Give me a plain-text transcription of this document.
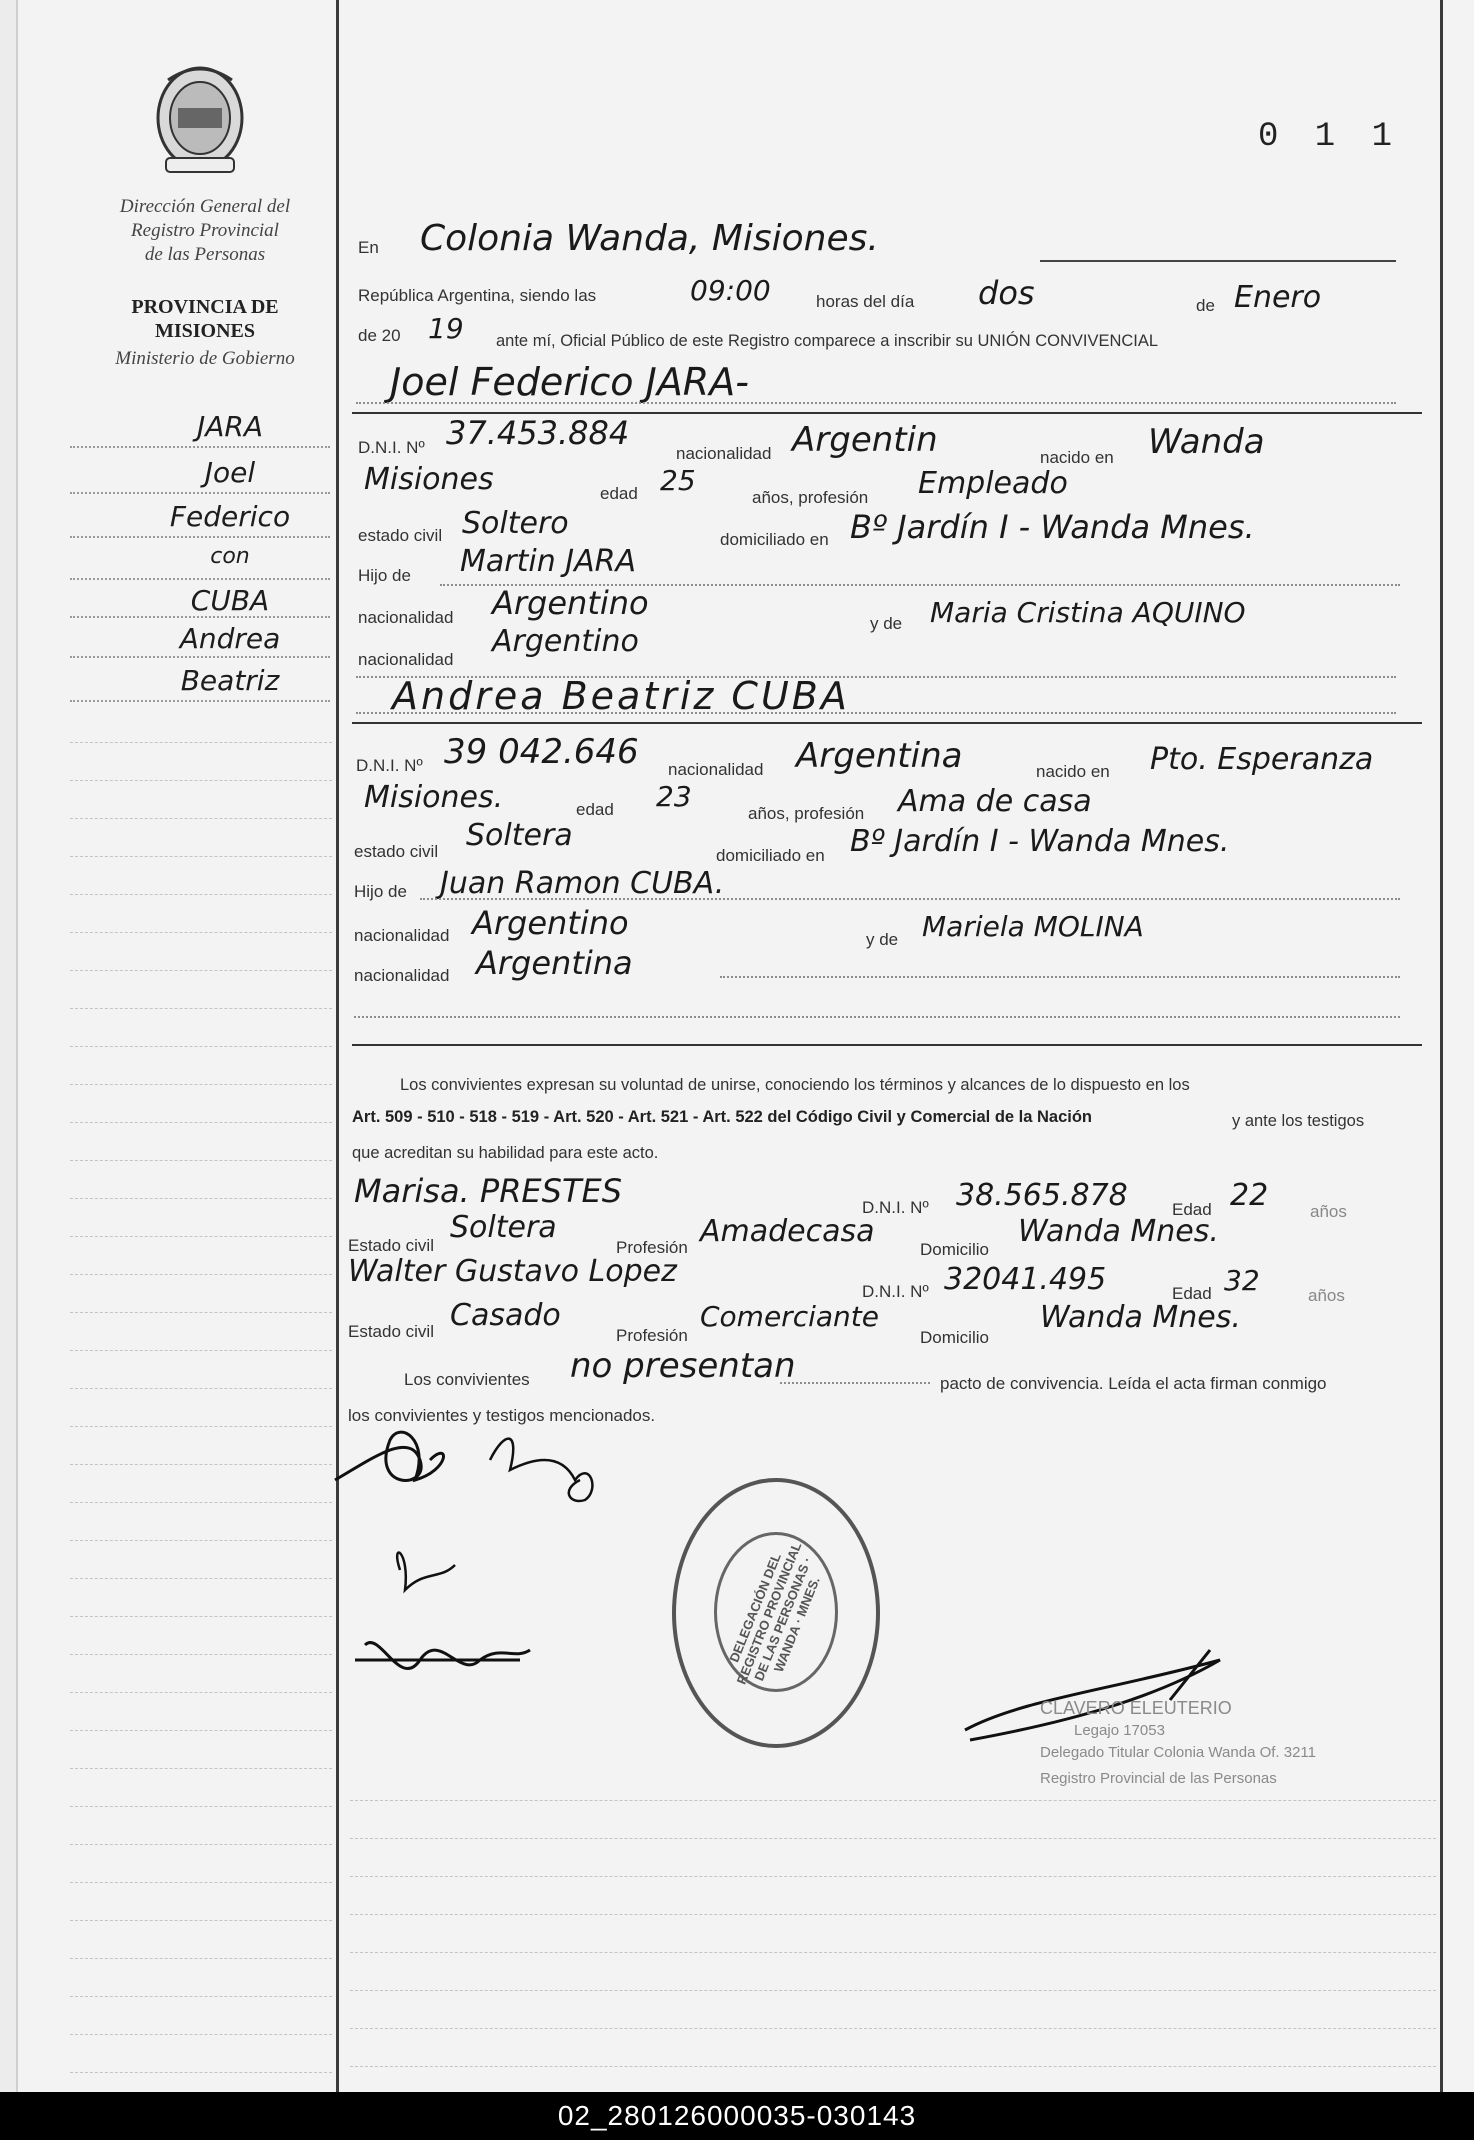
Dirección General del
Registro Provincial
de las Personas
PROVINCIA DE
MISIONES
Ministerio de Gobierno
JARA
Joel
Federico
con
CUBA
Andrea
Beatriz
0 1 1
En Colonia Wanda, Misiones.
República Argentina, siendo las	09:00	horas del día dos	de Enero
de 20 19 ante mí, Oficial Público de este Registro comparece a inscribir su UNIÓN CONVIVENCIAL
Joel Federico JARA-
D.N.I. Nº 37.453.884
nacionalidad Argentin	nacido en Wanda
Misiones	edad 25
años, profesión Empleado
estado civil Soltero	domiciliado en Bº Jardín I - Wanda Mnes.
Hijo de Martin JARA
nacionalidad Argentino
y de Maria Cristina AQUINO
nacionalidad
Argentino
Andrea Beatriz CUBA
D.N.I. Nº 39 042.646 nacionalidad Argentina	nacido en Pto. Esperanza
Misiones.	edad 23
años, profesión Ama de casa
estado civil Soltera
domiciliado en Bº Jardín I - Wanda Mnes.
Hijo de Juan Ramon CUBA.
nacionalidad Argentino	y de Mariela MOLINA
nacionalidad Argentina
Los convivientes expresan su voluntad de unirse, conociendo los términos y alcances de lo dispuesto en los
Art. 509 - 510 - 518 - 519 - Art. 520 - Art. 521 - Art. 522 del Código Civil y Comercial de la Nación	y ante los testigos
que acreditan su habilidad para este acto.
Marisa. PRESTES	D.N.I. Nº 38.565.878	Edad 22 años
Estado civil
Soltera
Profesión Amadecasa
Domicilio
Wanda Mnes.
Walter Gustavo Lopez
D.N.I. Nº 32041.495	Edad 32	años
Estado civil Casado
Profesión
Comerciante
Domicilio
Wanda Mnes.
Los convivientes no presentan	pacto de convivencia. Leída el acta firman conmigo
los convivientes y testigos mencionados.
DELEGACIÓN DEL REGISTRO PROVINCIAL DE LAS PERSONAS · WANDA · MNES.
CLAVERO ELEUTERIO
Legajo 17053
Delegado Titular Colonia Wanda Of. 3211
Registro Provincial de las Personas
02_280126000035-030143
